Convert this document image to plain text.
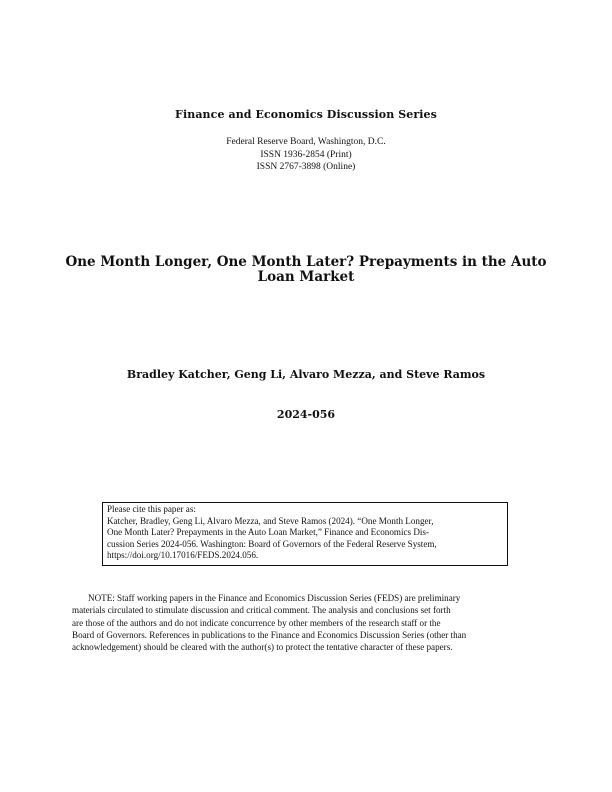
Finance and Economics Discussion Series
Federal Reserve Board, Washington, D.C.
ISSN 1936-2854 (Print)
ISSN 2767-3898 (Online)
One Month Longer, One Month Later? Prepayments in the Auto
Loan Market
Bradley Katcher, Geng Li, Alvaro Mezza, and Steve Ramos
2024-056
Please cite this paper as:
Katcher, Bradley, Geng Li, Alvaro Mezza, and Steve Ramos (2024). “One Month Longer,
One Month Later? Prepayments in the Auto Loan Market,” Finance and Economics Dis-
cussion Series 2024-056. Washington: Board of Governors of the Federal Reserve System,
https://doi.org/10.17016/FEDS.2024.056.
NOTE: Staff working papers in the Finance and Economics Discussion Series (FEDS) are preliminary
materials circulated to stimulate discussion and critical comment. The analysis and conclusions set forth
are those of the authors and do not indicate concurrence by other members of the research staff or the
Board of Governors. References in publications to the Finance and Economics Discussion Series (other than
acknowledgement) should be cleared with the author(s) to protect the tentative character of these papers.
